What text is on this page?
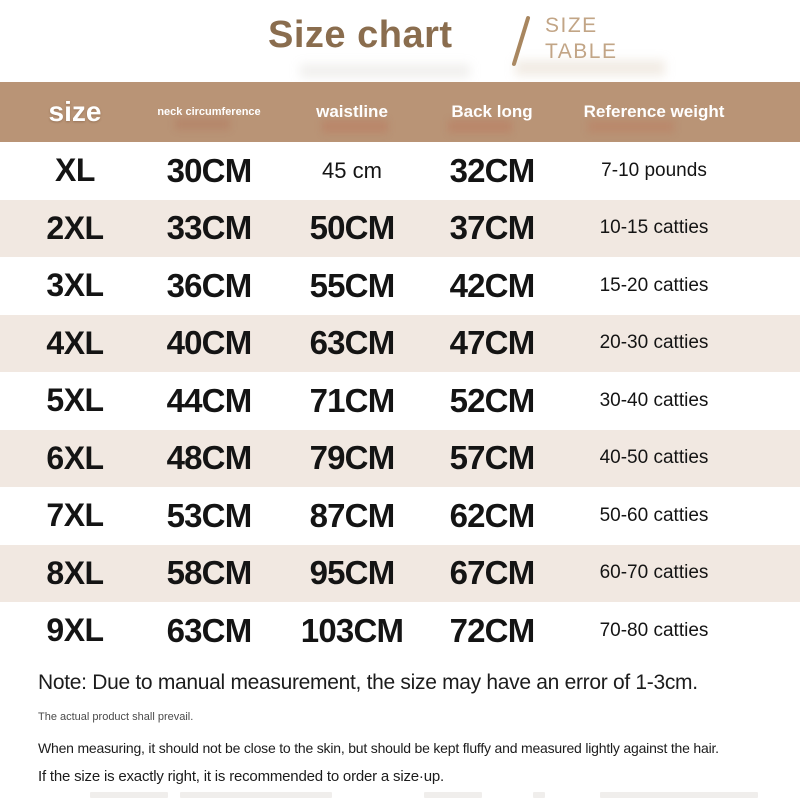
Size chart	SIZE
TABLE
size	neck circumference	waistline	Back long	Reference weight
XL	30CM	45 cm	32CM	7-10 pounds
2XL	33CM	50CM	37CM	10-15 catties
3XL	36CM	55CM	42CM	15-20 catties
4XL	40CM	63CM	47CM	20-30 catties
5XL	44CM	71CM	52CM	30-40 catties
6XL	48CM	79CM	57CM	40-50 catties
7XL	53CM	87CM	62CM	50-60 catties
8XL	58CM	95CM	67CM	60-70 catties
9XL	63CM	103CM	72CM	70-80 catties
Note: Due to manual measurement, the size may have an error of 1-3cm.
The actual product shall prevail.
When measuring, it should not be close to the skin, but should be kept fluffy and measured lightly against the hair.
If the size is exactly right, it is recommended to order a size·up.
